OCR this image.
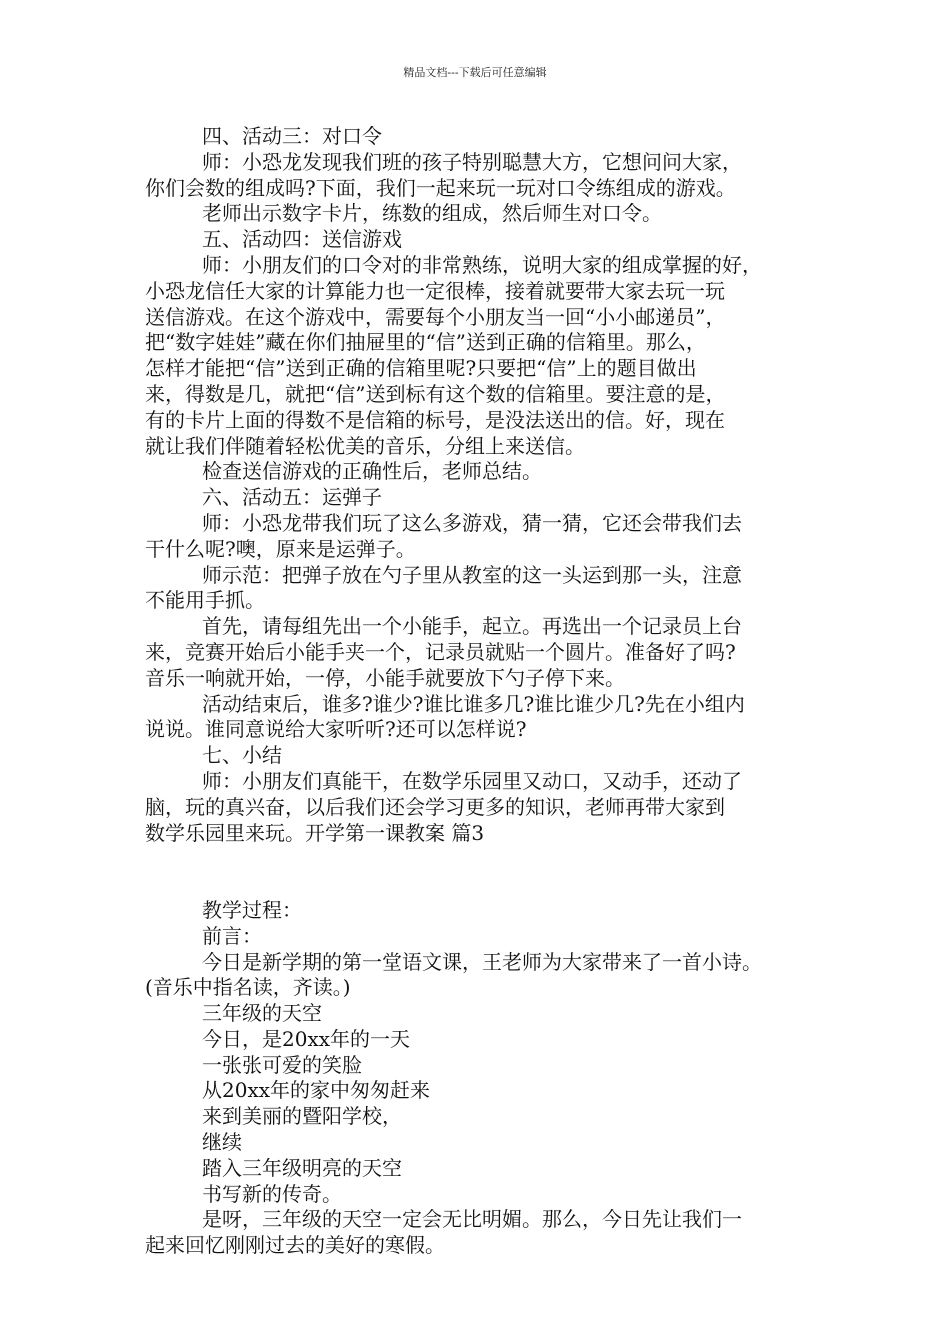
精品文档---下载后可任意编辑
四、活动三：对口令
师：小恐龙发现我们班的孩子特别聪慧大方，它想问问大家，
你们会数的组成吗?下面，我们一起来玩一玩对口令练组成的游戏。
老师出示数字卡片，练数的组成，然后师生对口令。
五、活动四：送信游戏
师：小朋友们的口令对的非常熟练，说明大家的组成掌握的好，
小恐龙信任大家的计算能力也一定很棒，接着就要带大家去玩一玩
送信游戏。在这个游戏中，需要每个小朋友当一回“小小邮递员”，
把“数字娃娃”藏在你们抽屉里的“信”送到正确的信箱里。那么，
怎样才能把“信”送到正确的信箱里呢?只要把“信”上的题目做出
来，得数是几，就把“信”送到标有这个数的信箱里。要注意的是，
有的卡片上面的得数不是信箱的标号，是没法送出的信。好，现在
就让我们伴随着轻松优美的音乐，分组上来送信。
检查送信游戏的正确性后，老师总结。
六、活动五：运弹子
师：小恐龙带我们玩了这么多游戏，猜一猜，它还会带我们去
干什么呢?噢，原来是运弹子。
师示范：把弹子放在勺子里从教室的这一头运到那一头，注意
不能用手抓。
首先，请每组先出一个小能手，起立。再选出一个记录员上台
来，竞赛开始后小能手夹一个，记录员就贴一个圆片。准备好了吗?
音乐一响就开始，一停，小能手就要放下勺子停下来。
活动结束后，谁多?谁少?谁比谁多几?谁比谁少几?先在小组内
说说。谁同意说给大家听听?还可以怎样说?
七、小结
师：小朋友们真能干，在数学乐园里又动口，又动手，还动了
脑，玩的真兴奋，以后我们还会学习更多的知识，老师再带大家到
数学乐园里来玩。开学第一课教案 篇3
教学过程：
前言：
今日是新学期的第一堂语文课，王老师为大家带来了一首小诗。
(音乐中指名读，齐读。)
三年级的天空
今日，是20xx年的一天
一张张可爱的笑脸
从20xx年的家中匆匆赶来
来到美丽的暨阳学校，
继续
踏入三年级明亮的天空
书写新的传奇。
是呀，三年级的天空一定会无比明媚。那么，今日先让我们一
起来回忆刚刚过去的美好的寒假。
